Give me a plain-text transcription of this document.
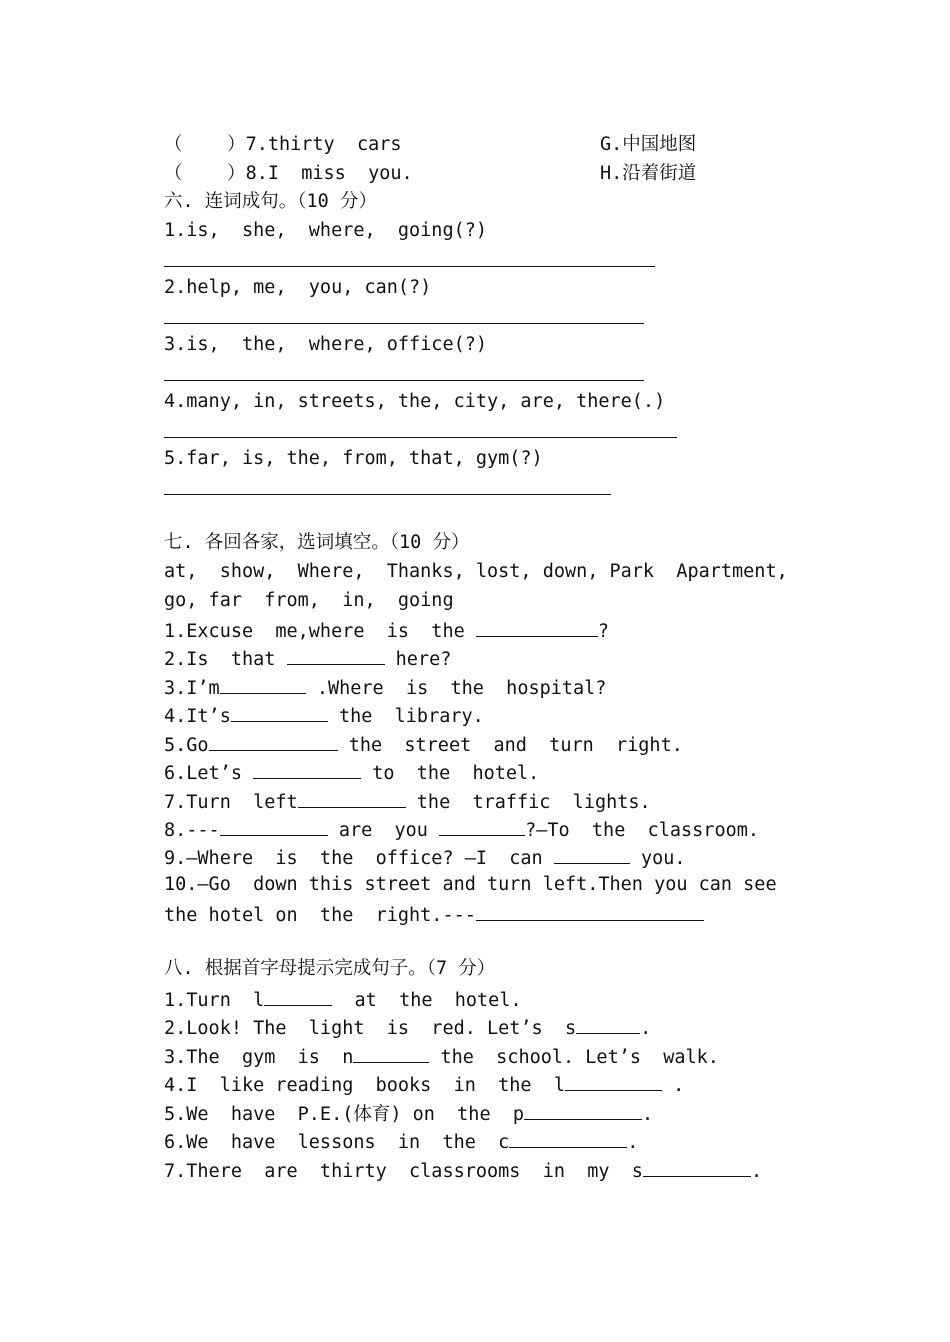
（    ）7.thirty  cars	G.中国地图
（    ）8.I  miss  you.	H.沿着街道
六. 连词成句。（10 分）
1.is,  she,  where,  going(?)
2.help, me,  you, can(?)
3.is,  the,  where, office(?)
4.many, in, streets, the, city, are, there(.)
5.far, is, the, from, that, gym(?)
七. 各回各家，选词填空。（10 分）
at,  show,  Where,  Thanks, lost, down, Park  Apartment,
go, far  from,  in,  going
1.Excuse  me,where  is  the	?
2.Is  that	here?
3.I’m	.Where  is  the  hospital?
4.It’s	the  library.
5.Go	the  street  and  turn  right.
6.Let’s	to  the  hotel.
7.Turn  left	the  traffic  lights.
8.---	are  you	?—To  the  classroom.
9.—Where  is  the  office? –I  can	you.
10.—Go  down this street and turn left.Then you can see
the hotel on  the  right.---
八. 根据首字母提示完成句子。（7 分）
1.Turn  l	at  the  hotel.
2.Look! The  light  is  red. Let’s  s	.
3.The  gym  is  n	the  school. Let’s  walk.
4.I  like reading  books  in  the  l	.
5.We  have  P.E.(体育) on  the  p	.
6.We  have  lessons  in  the  c	.
7.There  are  thirty  classrooms  in  my  s	.
